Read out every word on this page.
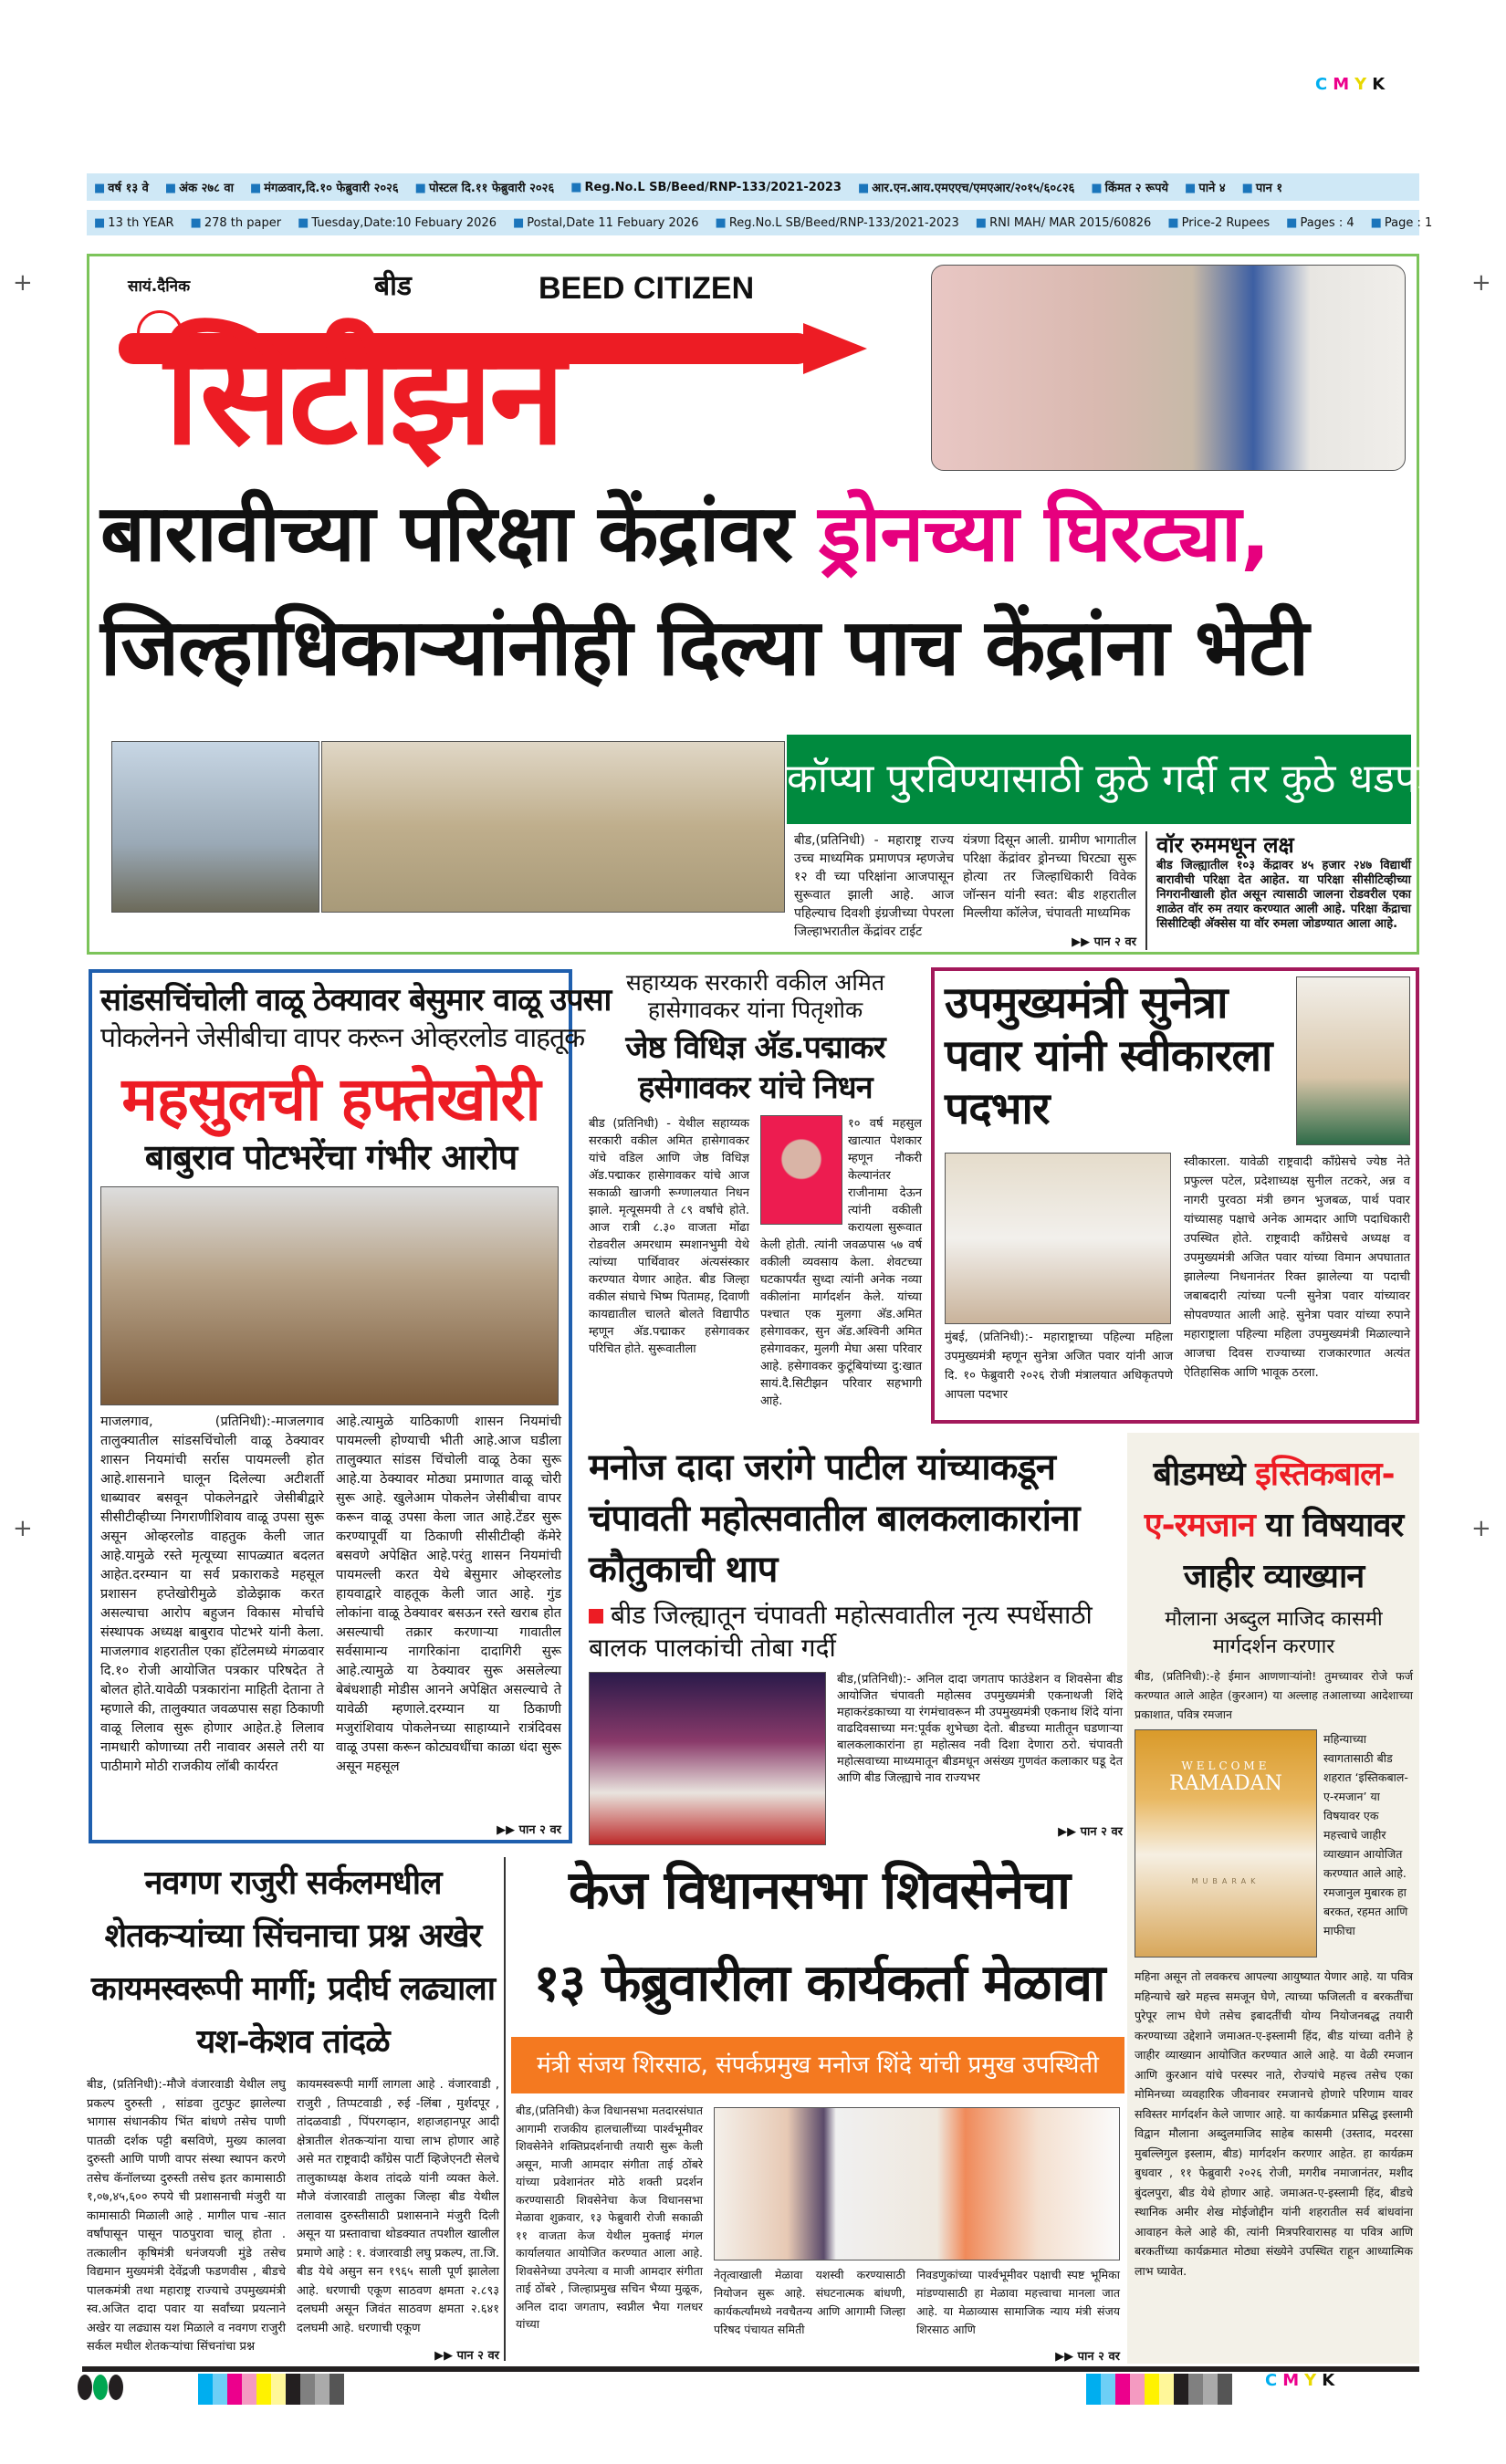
C M Y K
+	+
+	+
■ वर्ष १३ वे	■ अंक २७८ वा	■ मंगळवार,दि.१० फेब्रुवारी २०२६	■ पोस्टल दि.११ फेब्रुवारी २०२६	■ Reg.No.L SB/Beed/RNP-133/2021-2023	■ आर.एन.आय.एमएएच/एमएआर/२०१५/६०८२६	■ किंमत २ रूपये	■ पाने ४	■ पान १
■ 13 th YEAR	■ 278 th paper	■ Tuesday,Date:10 Febuary 2026	■ Postal,Date 11 Febuary 2026	■ Reg.No.L SB/Beed/RNP-133/2021-2023	■ RNI MAH/ MAR 2015/60826	■ Price-2 Rupees	■ Pages : 4	■ Page : 1
सायं.दैनिक	बीड	BEED CITIZEN
सिटीझन
बारावीच्या परिक्षा केंद्रांवर ड्रोनच्या घिरट्या,
जिल्हाधिकाऱ्यांनीही दिल्या पाच केंद्रांना भेटी
कॉप्या पुरविण्यासाठी कुठे गर्दी तर कुठे धडपड
बीड,(प्रतिनिधी) - महाराष्ट्र राज्य उच्च माध्यमिक प्रमाणपत्र म्हणजेच १२ वी च्या परिक्षांना आजपासून सुरूवात झाली आहे. आज पहिल्याच दिवशी इंग्रजीच्या पेपरला जिल्हाभरातील केंद्रांवर टाईट
यंत्रणा दिसून आली. ग्रामीण भागातील परिक्षा केंद्रांवर ड्रोनच्या घिरट्या सुरू होत्या तर जिल्हाधिकारी विवेक जॉन्सन यांनी स्वत: बीड शहरातील मिल्लीया कॉलेज, चंपावती माध्यमिक
▶▶ पान २ वर
वॉर रुममधून लक्ष
बीड जिल्ह्यातील १०३ केंद्रावर ४५ हजार २४७ विद्यार्थी बारावीची परिक्षा देत आहेत. या परिक्षा सीसीटिव्हीच्या निगरानीखाली होत असून त्यासाठी जालना रोडवरील एका शाळेत वॉर रुम तयार करण्यात आली आहे. परिक्षा केंद्राचा सिसीटिव्ही अ‍ॅक्सेस या वॉर रुमला जोडण्यात आला आहे.
सांडसचिंचोली वाळू ठेक्यावर बेसुमार वाळू उपसा
पोकलेनने जेसीबीचा वापर करून ओव्हरलोड वाहतूक
महसुलची हफ्तेखोरी
बाबुराव पोटभरेंचा गंभीर आरोप
माजलगाव, (प्रतिनिधी):-माजलगाव तालुक्यातील सांडसचिंचोली वाळू ठेक्यावर शासन नियमांची सर्रास पायमल्ली होत आहे.शासनाने घालून दिलेल्या अटीशर्ती धाब्यावर बसवून पोकलेनद्वारे जेसीबीद्वारे सीसीटीव्हीच्या निगराणीशिवाय वाळू उपसा सुरू असून ओव्हरलोड वाहतुक केली जात आहे.यामुळे रस्ते मृत्यूच्या सापळ्यात बदलत आहेत.दरम्यान या सर्व प्रकाराकडे महसूल प्रशासन हप्तेखोरीमुळे डोळेझाक करत असल्याचा आरोप बहुजन विकास मोर्चाचे संस्थापक अध्यक्ष बाबुराव पोटभरे यांनी केला. माजलगाव शहरातील एका हॉटेलमध्ये मंगळवार दि.१० रोजी आयोजित पत्रकार परिषदेत ते बोलत होते.यावेळी पत्रकारांना माहिती देताना ते म्हणाले की, तालुक्यात जवळपास सहा ठिकाणी वाळू लिलाव सुरू होणार आहेत.हे लिलाव नामधारी कोणाच्या तरी नावावर असले तरी या पाठीमागे मोठी राजकीय लॉबी कार्यरत
आहे.त्यामुळे याठिकाणी शासन नियमांची पायमल्ली होण्याची भीती आहे.आज घडीला तालुक्यात सांडस चिंचोली वाळू ठेका सुरू आहे.या ठेक्यावर मोठ्या प्रमाणात वाळू चोरी सुरू आहे. खुलेआम पोकलेन जेसीबीचा वापर करून वाळू उपसा केला जात आहे.टेंडर सुरू करण्यापूर्वी या ठिकाणी सीसीटीव्ही कॅमेरे बसवणे अपेक्षित आहे.परंतु शासन नियमांची पायमल्ली करत येथे बेसुमार ओव्हरलोड हायवाद्वारे वाहतूक केली जात आहे. गुंड लोकांना वाळू ठेक्यावर बसऊन रस्ते खराब होत असल्याची तक्रार करणाऱ्या गावातील सर्वसामान्य नागरिकांना दादागिरी सुरू आहे.त्यामुळे या ठेक्यावर सुरू असलेल्या बेबंधशाही मोडीस आनने अपेक्षित असल्याचे ते यावेळी म्हणाले.दरम्यान या ठिकाणी मजुरांशिवाय पोकलेनच्या साहाय्याने रात्रंदिवस वाळू उपसा करून कोट्यवधींचा काळा धंदा सुरू असून महसूल
▶▶ पान २ वर
सहाय्यक सरकारी वकील अमित हासेगावकर यांना पितृशोक
जेष्ठ विधिज्ञ अ‍ॅड.पद्माकर हसेगावकर यांचे निधन
बीड (प्रतिनिधी) - येथील सहाय्यक सरकारी वकील अमित हासेगावकर यांचे वडिल आणि जेष्ठ विधिज्ञ अ‍ॅड.पद्माकर हासेगावकर यांचे आज सकाळी खाजगी रूग्णालयात निधन झाले. मृत्यूसमयी ते ८९ वर्षांचे होते. आज रात्री ८.३० वाजता मोंढा रोडवरील अमरधाम स्मशानभुमी येथे त्यांच्या पार्थिवावर अंत्यसंस्कार करण्यात येणार आहेत. बीड जिल्हा वकील संघाचे भिष्म पितामह, दिवाणी कायद्यातील चालते बोलते विद्यापीठ म्हणून अ‍ॅड.पद्माकर हसेगावकर परिचित होते. सुरूवातीला
१० वर्ष महसुल खात्यात पेशकार म्हणून नौकरी केल्यानंतर राजीनामा देऊन त्यांनी वकीली करायला सुरूवात केली होती. त्यांनी जवळपास ५७ वर्ष वकीली व्यवसाय केला. शेवटच्या घटकापर्यंत सुध्दा त्यांनी अनेक नव्या वकीलांना मार्गदर्शन केले. यांच्या पश्चात एक मुलगा अ‍ॅड.अमित हसेगावकर, सुन अ‍ॅड.अश्विनी अमित हसेगावकर, मुलगी मेघा असा परिवार आहे. हसेगावकर कुटूंबियांच्या दु:खात सायं.दै.सिटीझन परिवार सहभागी आहे.
उपमुख्यमंत्री सुनेत्रा पवार यांनी स्वीकारला पदभार
मुंबई, (प्रतिनिधी):- महाराष्ट्राच्या पहिल्या महिला उपमुख्यमंत्री म्हणून सुनेत्रा अजित पवार यांनी आज दि. १० फेब्रुवारी २०२६ रोजी मंत्रालयात अधिकृतपणे आपला पदभार
स्वीकारला. यावेळी राष्ट्रवादी काँग्रेसचे ज्येष्ठ नेते प्रफुल्ल पटेल, प्रदेशाध्यक्ष सुनील तटकरे, अन्न व नागरी पुरवठा मंत्री छगन भुजबळ, पार्थ पवार यांच्यासह पक्षाचे अनेक आमदार आणि पदाधिकारी उपस्थित होते. राष्ट्रवादी काँग्रेसचे अध्यक्ष व उपमुख्यमंत्री अजित पवार यांच्या विमान अपघातात झालेल्या निधनानंतर रिक्त झालेल्या या पदाची जबाबदारी त्यांच्या पत्नी सुनेत्रा पवार यांच्यावर सोपवण्यात आली आहे. सुनेत्रा पवार यांच्या रुपाने महाराष्ट्राला पहिल्या महिला उपमुख्यमंत्री मिळाल्याने आजचा दिवस राज्याच्या राजकारणात अत्यंत ऐतिहासिक आणि भावूक ठरला.
मनोज दादा जरांगे पाटील यांच्याकडून चंपावती महोत्सवातील बालकलाकारांना कौतुकाची थाप
बीड जिल्ह्यातून चंपावती महोत्सवातील नृत्य स्पर्धेसाठी बालक पालकांची तोबा गर्दी
बीड,(प्रतिनिधी):- अनिल दादा जगताप फाउंडेशन व शिवसेना बीड आयोजित चंपावती महोत्सव उपमुख्यमंत्री एकनाथजी शिंदे महाकरंडकाच्या या रंगमंचावरून मी उपमुख्यमंत्री एकनाथ शिंदे यांना वाढदिवसाच्या मन:पूर्वक शुभेच्छा देतो. बीडच्या मातीतून घडणाऱ्या बालकलाकारांना हा महोत्सव नवी दिशा देणारा ठरो. चंपावती महोत्सवाच्या माध्यमातून बीडमधून असंख्य गुणवंत कलाकार घडू देत आणि बीड जिल्ह्याचे नाव राज्यभर
▶▶ पान २ वर
बीडमध्ये इस्तिकबाल-
ए-रमजान या विषयावर
जाहीर व्याख्यान
मौलाना अब्दुल माजिद कासमी मार्गदर्शन करणार
बीड, (प्रतिनिधी):-हे ईमान आणणाऱ्यांनो! तुमच्यावर रोजे फर्ज करण्यात आले आहेत (कुरआन) या अल्लाह तआलाच्या आदेशाच्या प्रकाशात, पवित्र रमजान
WELCOME
RAMADAN
MUBARAK
महिन्याच्या स्वागतासाठी बीड शहरात ‘इस्तिकबाल-ए-रमजान’ या विषयावर एक महत्त्वाचे जाहीर व्याख्यान आयोजित करण्यात आले आहे. रमजानुल मुबारक हा बरकत, रहमत आणि माफीचा
महिना असून तो लवकरच आपल्या आयुष्यात येणार आहे. या पवित्र महिन्याचे खरे महत्त्व समजून घेणे, त्याच्या फजिलती व बरकतींचा पुरेपूर लाभ घेणे तसेच इबादतींची योग्य नियोजनबद्ध तयारी करण्याच्या उद्देशाने जमाअत-ए-इस्लामी हिंद, बीड यांच्या वतीने हे जाहीर व्याख्यान आयोजित करण्यात आले आहे. या वेळी रमजान आणि कुरआन यांचे परस्पर नाते, रोज्यांचे महत्त्व तसेच एका मोमिनच्या व्यवहारिक जीवनावर रमजानचे होणारे परिणाम यावर सविस्तर मार्गदर्शन केले जाणार आहे. या कार्यक्रमात प्रसिद्ध इस्लामी विद्वान मौलाना अब्दुलमाजिद साहेब कासमी (उस्ताद, मदरसा मुबल्लिगुल इस्लाम, बीड) मार्गदर्शन करणार आहेत. हा कार्यक्रम बुधवार , ११ फेब्रुवारी २०२६ रोजी, मगरीब नमाजानंतर, मशीद बुंदलपुरा, बीड येथे होणार आहे. जमाअत-ए-इस्लामी हिंद, बीडचे स्थानिक अमीर शेख मोईजोद्दीन यांनी शहरातील सर्व बांधवांना आवाहन केले आहे की, त्यांनी मित्रपरिवारासह या पवित्र आणि बरकतींच्या कार्यक्रमात मोठ्या संख्येने उपस्थित राहून आध्यात्मिक लाभ घ्यावेत.
नवगण राजुरी सर्कलमधील शेतकऱ्यांच्या सिंचनाचा प्रश्न अखेर कायमस्वरूपी मार्गी; प्रदीर्घ लढ्याला यश-केशव तांदळे
बीड, (प्रतिनिधी):-मौजे वंजारवाडी येथील लघु प्रकल्प दुरुस्ती , सांडवा तुटफुट झालेल्या भागास संधानकीय भिंत बांधणे तसेच पाणी पातळी दर्शक पट्टी बसविणे, मुख्य कालवा दुरुस्ती आणि पाणी वापर संस्था स्थापन करणे तसेच कॅनॉलच्या दुरुस्ती तसेच इतर कामासाठी १,०७,४५,६०० रुपये ची प्रशासनाची मंजुरी या कामासाठी मिळाली आहे . मागील पाच -सात वर्षांपासून पासून पाठपुरावा चालू होता . तत्कालीन कृषिमंत्री धनंजयजी मुंडे तसेच विद्यमान मुख्यमंत्री देवेंद्रजी फडणवीस , बीडचे पालकमंत्री तथा महाराष्ट्र राज्याचे उपमुख्यमंत्री स्व.अजित दादा पवार या सर्वांच्या प्रयत्नाने अखेर या लढ्यास यश मिळाले व नवगण राजुरी सर्कल मधील शेतकऱ्यांचा सिंचनांचा प्रश्न
कायमस्वरूपी मार्गी लागला आहे . वंजारवाडी , राजुरी , तिप्पटवाडी , रुई -लिंबा , मुर्शदपूर , तांदळवाडी , पिंपरगव्हान, शहाजहानपूर आदी क्षेत्रातील शेतकऱ्यांना याचा लाभ होणार आहे असे मत राष्ट्रवादी काँग्रेस पार्टी व्हिजेएनटी सेलचे तालुकाध्यक्ष केशव तांदळे यांनी व्यक्त केले. मौजे वंजारवाडी तालुका जिल्हा बीड येथील तलावास दुरुस्तीसाठी प्रशासनाने मंजुरी दिली असून या प्रस्तावाचा थोडक्यात तपशील खालील प्रमाणे आहे : १. वंजारवाडी लघु प्रकल्प, ता.जि. बीड येथे असुन सन १९६५ साली पूर्ण झालेला आहे. धरणाची एकूण साठवण क्षमता २.८९३ दलघमी असून जिवंत साठवण क्षमता २.६४१ दलघमी आहे. धरणाची एकूण
▶▶ पान २ वर
केज विधानसभा शिवसेनेचा
१३ फेब्रुवारीला कार्यकर्ता मेळावा
मंत्री संजय शिरसाठ, संपर्कप्रमुख मनोज शिंदे यांची प्रमुख उपस्थिती
बीड,(प्रतिनिधी) केज विधानसभा मतदारसंघात आगामी राजकीय हालचालींच्या पार्श्वभूमीवर शिवसेनेने शक्तिप्रदर्शनाची तयारी सुरू केली असून, माजी आमदार संगीता ताई ठोंबरे यांच्या प्रवेशानंतर मोठे शक्ती प्रदर्शन करण्यासाठी शिवसेनेचा केज विधानसभा मेळावा शुक्रवार, १३ फेब्रुवारी रोजी सकाळी ११ वाजता केज येथील मुक्ताई मंगल कार्यालयात आयोजित करण्यात आला आहे. शिवसेनेच्या उपनेत्या व माजी आमदार संगीता ताई ठोंबरे , जिल्हाप्रमुख सचिन भैय्या मुळूक, अनिल दादा जगताप, स्वप्नील भैया गलधर यांच्या
नेतृत्वाखाली मेळावा यशस्वी करण्यासाठी नियोजन सुरू आहे. संघटनात्मक बांधणी, कार्यकर्त्यांमध्ये नवचैतन्य आणि आगामी जिल्हा परिषद पंचायत समिती
निवडणुकांच्या पार्श्वभूमीवर पक्षाची स्पष्ट भूमिका मांडण्यासाठी हा मेळावा महत्त्वाचा मानला जात आहे. या मेळाव्यास सामाजिक न्याय मंत्री संजय शिरसाठ आणि
▶▶ पान २ वर
C M Y K
